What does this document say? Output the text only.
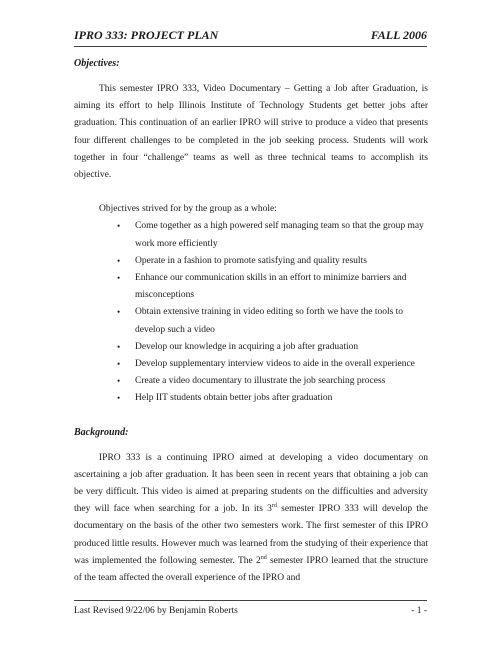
IPRO 333: PROJECT PLAN	FALL 2006

Objectives:

This semester IPRO 333, Video Documentary – Getting a Job after Graduation, is aiming its effort to help Illinois Institute of Technology Students get better jobs after graduation. This continuation of an earlier IPRO will strive to produce a video that presents four different challenges to be completed in the job seeking process. Students will work together in four “challenge” teams as well as three technical teams to accomplish its objective.

Objectives strived for by the group as a whole:

• Come together as a high powered self managing team so that the group may work more efficiently
• Operate in a fashion to promote satisfying and quality results
• Enhance our communication skills in an effort to minimize barriers and misconceptions
• Obtain extensive training in video editing so forth we have the tools to develop such a video
• Develop our knowledge in acquiring a job after graduation
• Develop supplementary interview videos to aide in the overall experience
• Create a video documentary to illustrate the job searching process
• Help IIT students obtain better jobs after graduation

Background:

IPRO 333 is a continuing IPRO aimed at developing a video documentary on ascertaining a job after graduation. It has been seen in recent years that obtaining a job can be very difficult. This video is aimed at preparing students on the difficulties and adversity they will face when searching for a job. In its 3rd semester IPRO 333 will develop the documentary on the basis of the other two semesters work. The first semester of this IPRO produced little results. However much was learned from the studying of their experience that was implemented the following semester. The 2nd semester IPRO learned that the structure of the team affected the overall experience of the IPRO and

Last Revised 9/22/06 by Benjamin Roberts	- 1 -
